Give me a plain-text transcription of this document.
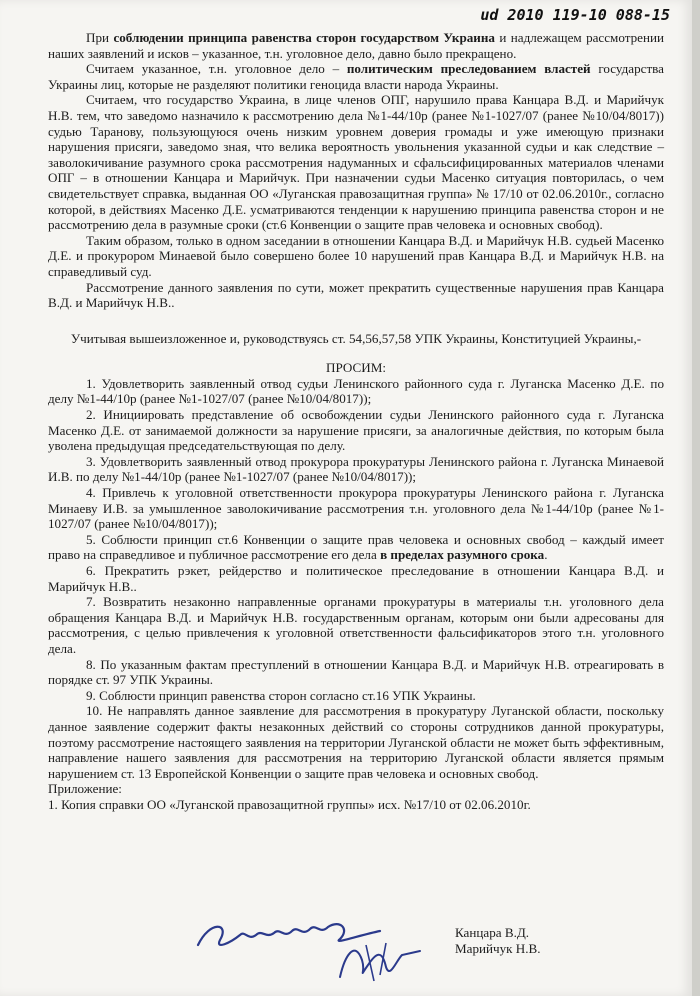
ud 2010 119-10 088-15

При соблюдении принципа равенства сторон государством Украина и надлежащем рассмотрении наших заявлений и исков – указанное, т.н. уголовное дело, давно было прекращено.

Считаем указанное, т.н. уголовное дело – политическим преследованием властей государства Украины лиц, которые не разделяют политики геноцида власти народа Украины.

Считаем, что государство Украина, в лице членов ОПГ, нарушило права Канцара В.Д. и Марийчук Н.В. тем, что заведомо назначило к рассмотрению дела №1-44/10р (ранее №1-1027/07 (ранее №10/04/8017)) судью Таранову, пользующуюся очень низким уровнем доверия громады и уже имеющую признаки нарушения присяги, заведомо зная, что велика вероятность увольнения указанной судьи и как следствие – заволокичивание разумного срока рассмотрения надуманных и сфальсифицированных материалов членами ОПГ – в отношении Канцара и Марийчук. При назначении судьи Масенко ситуация повторилась, о чем свидетельствует справка, выданная ОО «Луганская правозащитная группа» № 17/10 от 02.06.2010г., согласно которой, в действиях Масенко Д.Е. усматриваются тенденции к нарушению принципа равенства сторон и не рассмотрению дела в разумные сроки (ст.6 Конвенции о защите прав человека и основных свобод).

Таким образом, только в одном заседании в отношении Канцара В.Д. и Марийчук Н.В. судьей Масенко Д.Е. и прокурором Минаевой было совершено более 10 нарушений прав Канцара В.Д. и Марийчук Н.В. на справедливый суд.

Рассмотрение данного заявления по сути, может прекратить существенные нарушения прав Канцара В.Д. и Марийчук Н.В..

Учитывая вышеизложенное и, руководствуясь ст. 54,56,57,58 УПК Украины, Конституцией Украины,-

ПРОСИМ:

1. Удовлетворить заявленный отвод судьи Ленинского районного суда г. Луганска Масенко Д.Е. по делу №1-44/10р (ранее №1-1027/07 (ранее №10/04/8017));

2. Инициировать представление об освобождении судьи Ленинского районного суда г. Луганска Масенко Д.Е. от занимаемой должности за нарушение присяги, за аналогичные действия, по которым была уволена предыдущая председательствующая по делу.

3. Удовлетворить заявленный отвод прокурора прокуратуры Ленинского района г. Луганска Минаевой И.В. по делу №1-44/10р (ранее №1-1027/07 (ранее №10/04/8017));

4. Привлечь к уголовной ответственности прокурора прокуратуры Ленинского района г. Луганска Минаеву И.В. за умышленное заволокичивание рассмотрения т.н. уголовного дела №1-44/10р (ранее №1-1027/07 (ранее №10/04/8017));

5. Соблюсти принцип ст.6 Конвенции о защите прав человека и основных свобод – каждый имеет право на справедливое и публичное рассмотрение его дела в пределах разумного срока.

6. Прекратить рэкет, рейдерство и политическое преследование в отношении Канцара В.Д. и Марийчук Н.В..

7. Возвратить незаконно направленные органами прокуратуры в материалы т.н. уголовного дела обращения Канцара В.Д. и Марийчук Н.В. государственным органам, которым они были адресованы для рассмотрения, с целью привлечения к уголовной ответственности фальсификаторов этого т.н. уголовного дела.

8. По указанным фактам преступлений в отношении Канцара В.Д. и Марийчук Н.В. отреагировать в порядке ст. 97 УПК Украины.

9. Соблюсти принцип равенства сторон согласно ст.16 УПК Украины.

10. Не направлять данное заявление для рассмотрения в прокуратуру Луганской области, поскольку данное заявление содержит факты незаконных действий со стороны сотрудников данной прокуратуры, поэтому рассмотрение настоящего заявления на территории Луганской области не может быть эффективным, направление нашего заявления для рассмотрения на территорию Луганской области является прямым нарушением ст. 13 Европейской Конвенции о защите прав человека и основных свобод.

Приложение:

1. Копия справки ОО «Луганской правозащитной группы» исх. №17/10 от 02.06.2010г.

Канцара В.Д.
Марийчук Н.В.
